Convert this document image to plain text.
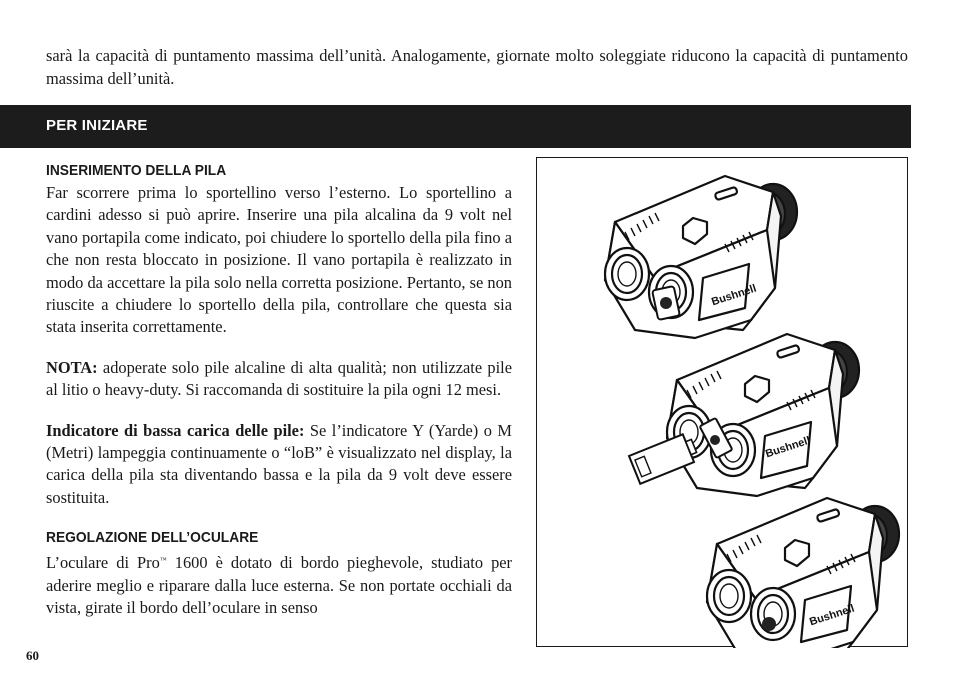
sarà la capacità di puntamento massima dell’unità. Analogamente, giornate molto soleggiate riducono la capacità di puntamento massima dell’unità.

PER INIZIARE
INSERIMENTO DELLA PILA

Far scorrere prima lo sportellino verso l’esterno. Lo sportellino a cardini adesso si può aprire. Inserire una pila alcalina da 9 volt nel vano portapila come indicato, poi chiudere lo sportello della pila fino a che non resta bloccato in posizione. Il vano portapila è realizzato in modo da accettare la pila solo nella corretta posizione. Pertanto, se non riuscite a chiudere lo sportello della pila, controllare che questa sia stata inserita correttamente.

NOTA: adoperate solo pile alcaline di alta qualità; non utilizzate pile al litio o heavy-duty. Si raccomanda di sostituire la pila ogni 12 mesi.

Indicatore di bassa carica delle pile: Se l’indicatore Y (Yarde) o M (Metri) lampeggia continuamente o “loB” è visualizzato nel display, la carica della pila sta diventando bassa e la pila da 9 volt deve essere sostituita.

REGOLAZIONE DELL’OCULARE

L’oculare di Pro™ 1600 è dotato di bordo pieghevole, studiato per aderire meglio e riparare dalla luce esterna. Se non portate occhiali da vista, girate il bordo dell’oculare in senso

Bushnell
Bushnell
Bushnell
60
